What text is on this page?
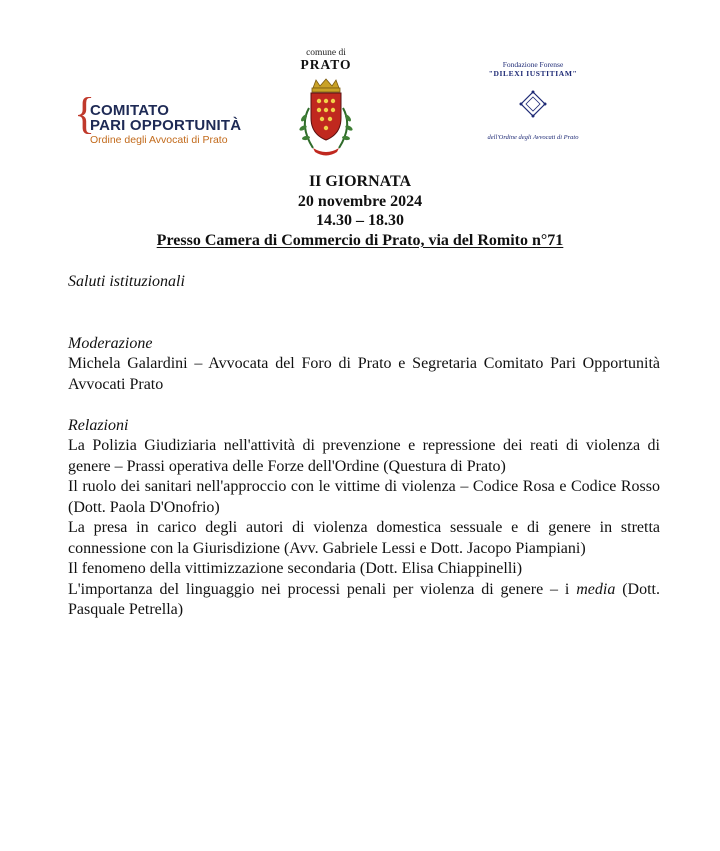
{
COMITATO
PARI OPPORTUNITÀ
Ordine degli Avvocati di Prato
comune di
PRATO	Fondazione Forense
"DILEXI IUSTITIAM"
dell'Ordine degli Avvocati di Prato
II GIORNATA
20 novembre 2024
14.30 – 18.30
Presso Camera di Commercio di Prato, via del Romito n°71

Saluti istituzionali

Moderazione

Michela Galardini – Avvocata del Foro di Prato e Segretaria Comitato Pari Opportunità Avvocati Prato

Relazioni

La Polizia Giudiziaria nell'attività di prevenzione e repressione dei reati di violenza di genere – Prassi operativa delle Forze dell'Ordine (Questura di Prato)

Il ruolo dei sanitari nell'approccio con le vittime di violenza – Codice Rosa e Codice Rosso (Dott. Paola D'Onofrio)

La presa in carico degli autori di violenza domestica sessuale e di genere in stretta connessione con la Giurisdizione (Avv. Gabriele Lessi e Dott. Jacopo Piampiani)

Il fenomeno della vittimizzazione secondaria (Dott. Elisa Chiappinelli)

L'importanza del linguaggio nei processi penali per violenza di genere – i media (Dott. Pasquale Petrella)
